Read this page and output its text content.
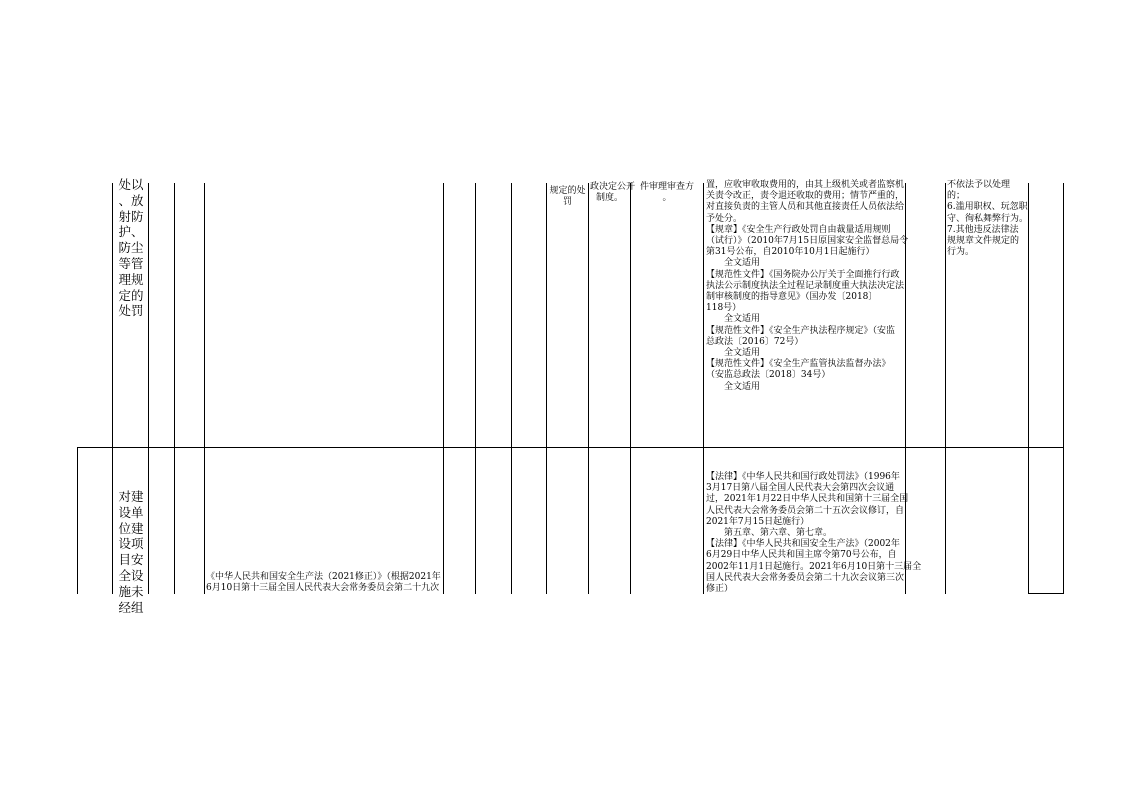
处以
、放
射防
护、
防尘
等管
理规
定的
处罚
规定的处
罚
政决定公开
制度。
件审理审查方
。
置，应收审收取费用的，由其上级机关或者监察机
关责令改正，责令退还收取的费用；情节严重的，
对直接负责的主管人员和其他直接责任人员依法给
予处分。
【规章】《安全生产行政处罚自由裁量适用规则
（试行）》（2010年7月15日原国家安全监督总局令
第31号公布，自2010年10月1日起施行）
　　全文适用
【规范性文件】《国务院办公厅关于全面推行行政
执法公示制度执法全过程记录制度重大执法决定法
制审核制度的指导意见》（国办发〔2018〕
118号）
　　全文适用
【规范性文件】《安全生产执法程序规定》（安监
总政法〔2016〕72号）
　　全文适用
【规范性文件】《安全生产监管执法监督办法》
（安监总政法〔2018〕34号）
　　全文适用
不依法予以处理
的；
6.滥用职权、玩忽职
守、徇私舞弊行为。
7.其他违反法律法
规规章文件规定的
行为。
对建
设单
位建
设项
目安
全设
施未
经组
《中华人民共和国安全生产法（2021修正）》（根据2021年
6月10日第十三届全国人民代表大会常务委员会第二十九次
【法律】《中华人民共和国行政处罚法》（1996年
3月17日第八届全国人民代表大会第四次会议通
过，2021年1月22日中华人民共和国第十三届全国
人民代表大会常务委员会第二十五次会议修订，自
2021年7月15日起施行）
　　第五章、第六章、第七章。
【法律】《中华人民共和国安全生产法》（2002年
6月29日中华人民共和国主席令第70号公布，自
2002年11月1日起施行。2021年6月10日第十三届全
国人民代表大会常务委员会第二十九次会议第三次
修正）
